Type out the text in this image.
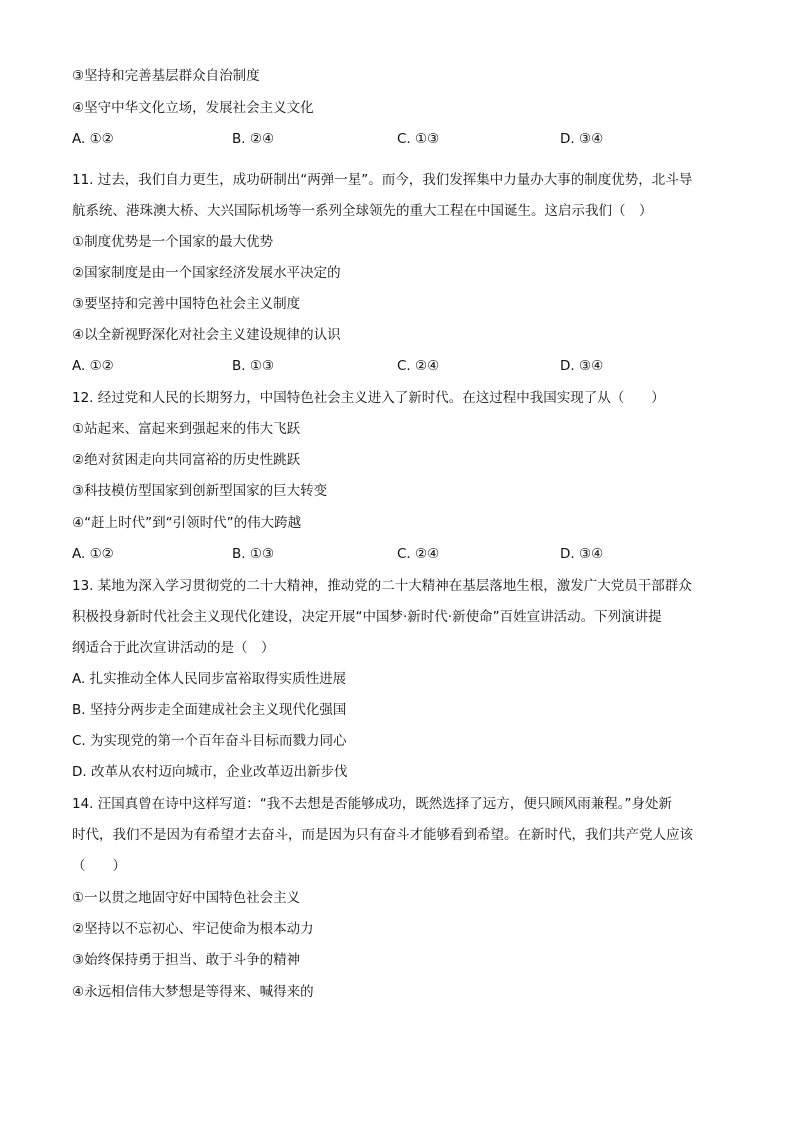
③坚持和完善基层群众自治制度
④坚守中华文化立场，发展社会主义文化
A. ①②	B. ②④	C. ①③	D. ③④
11. 过去，我们自力更生，成功研制出“两弹一星”。而今，我们发挥集中力量办大事的制度优势，北斗导
航系统、港珠澳大桥、大兴国际机场等一系列全球领先的重大工程在中国诞生。这启示我们（　）
①制度优势是一个国家的最大优势
②国家制度是由一个国家经济发展水平决定的
③要坚持和完善中国特色社会主义制度
④以全新视野深化对社会主义建设规律的认识
A. ①②	B. ①③	C. ②④	D. ③④
12. 经过党和人民的长期努力，中国特色社会主义进入了新时代。在这过程中我国实现了从（　　）
①站起来、富起来到强起来的伟大飞跃
②绝对贫困走向共同富裕的历史性跳跃
③科技模仿型国家到创新型国家的巨大转变
④“赶上时代”到“引领时代”的伟大跨越
A. ①②	B. ①③	C. ②④	D. ③④
13. 某地为深入学习贯彻党的二十大精神，推动党的二十大精神在基层落地生根，激发广大党员干部群众
积极投身新时代社会主义现代化建设，决定开展“中国梦·新时代·新使命”百姓宣讲活动。下列演讲提
纲适合于此次宣讲活动的是（　）
A. 扎实推动全体人民同步富裕取得实质性进展
B. 坚持分两步走全面建成社会主义现代化强国
C. 为实现党的第一个百年奋斗目标而戮力同心
D. 改革从农村迈向城市，企业改革迈出新步伐
14. 汪国真曾在诗中这样写道：“我不去想是否能够成功，既然选择了远方，便只顾风雨兼程。”身处新
时代，我们不是因为有希望才去奋斗，而是因为只有奋斗才能够看到希望。在新时代，我们共产党人应该
（　　）
①一以贯之地固守好中国特色社会主义
②坚持以不忘初心、牢记使命为根本动力
③始终保持勇于担当、敢于斗争的精神
④永远相信伟大梦想是等得来、喊得来的
